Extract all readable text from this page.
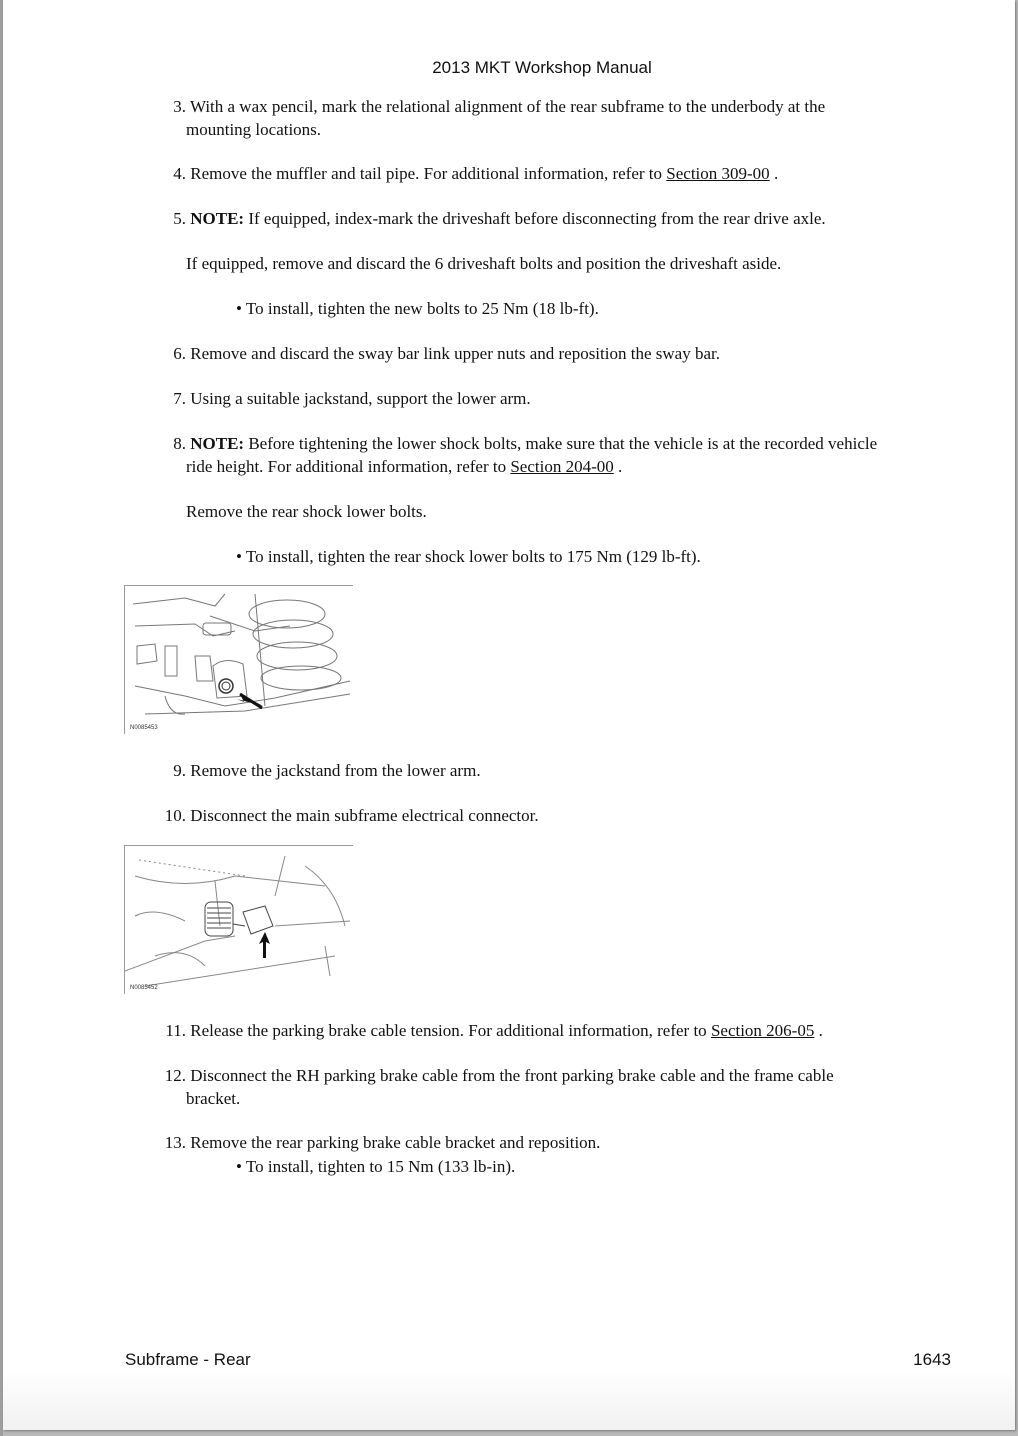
2013 MKT Workshop Manual
3. With a wax pencil, mark the relational alignment of the rear subframe to the underbody at the
mounting locations.
4. Remove the muffler and tail pipe. For additional information, refer to Section 309-00 .
5. NOTE: If equipped, index-mark the driveshaft before disconnecting from the rear drive axle.
If equipped, remove and discard the 6 driveshaft bolts and position the driveshaft aside.
• To install, tighten the new bolts to 25 Nm (18 lb-ft).
6. Remove and discard the sway bar link upper nuts and reposition the sway bar.
7. Using a suitable jackstand, support the lower arm.
8. NOTE: Before tightening the lower shock bolts, make sure that the vehicle is at the recorded vehicle
ride height. For additional information, refer to Section 204-00 .
Remove the rear shock lower bolts.
• To install, tighten the rear shock lower bolts to 175 Nm (129 lb-ft).
N0085453
9. Remove the jackstand from the lower arm.
10. Disconnect the main subframe electrical connector.
N0085452
11. Release the parking brake cable tension. For additional information, refer to Section 206-05 .
12. Disconnect the RH parking brake cable from the front parking brake cable and the frame cable
bracket.
13. Remove the rear parking brake cable bracket and reposition.
• To install, tighten to 15 Nm (133 lb-in).
Subframe - Rear	1643
